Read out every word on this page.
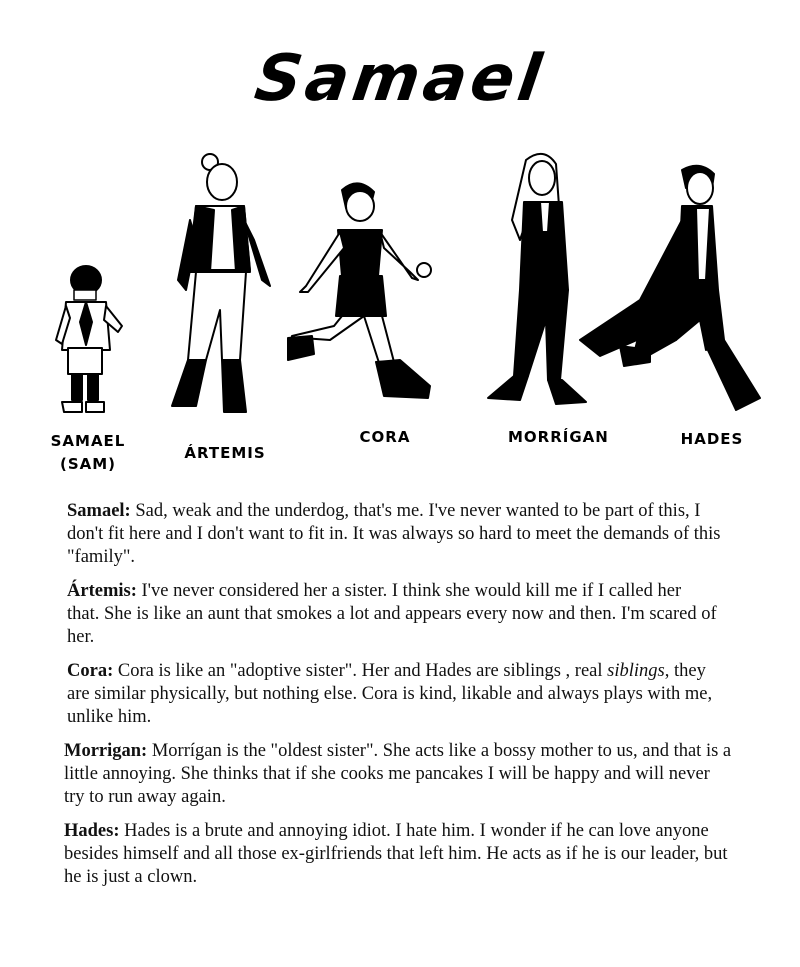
Samael
SAMAEL
(SAM)
ÁRTEMIS
CORA	MORRÍGAN	HADES
Samael: Sad, weak and the underdog, that's me. I've never wanted to be part of this, I don't fit here and I don't want to fit in. It was always so hard to meet the demands of this "family".
Ártemis: I've never considered her a sister. I think she would kill me if I called her that. She is like an aunt that smokes a lot and appears every now and then. I'm scared of her.
Cora: Cora is like an "adoptive sister". Her and Hades are siblings , real siblings, they are similar physically, but nothing else. Cora is kind, likable and always plays with me, unlike him.
Morrigan: Morrígan is the "oldest sister". She acts like a bossy mother to us, and that is a little annoying. She thinks that if she cooks me pancakes I will be happy and will never try to run away again.
Hades: Hades is a brute and annoying idiot. I hate him. I wonder if he can love anyone besides himself and all those ex-girlfriends that left him. He acts as if he is our leader, but he is just a clown.
